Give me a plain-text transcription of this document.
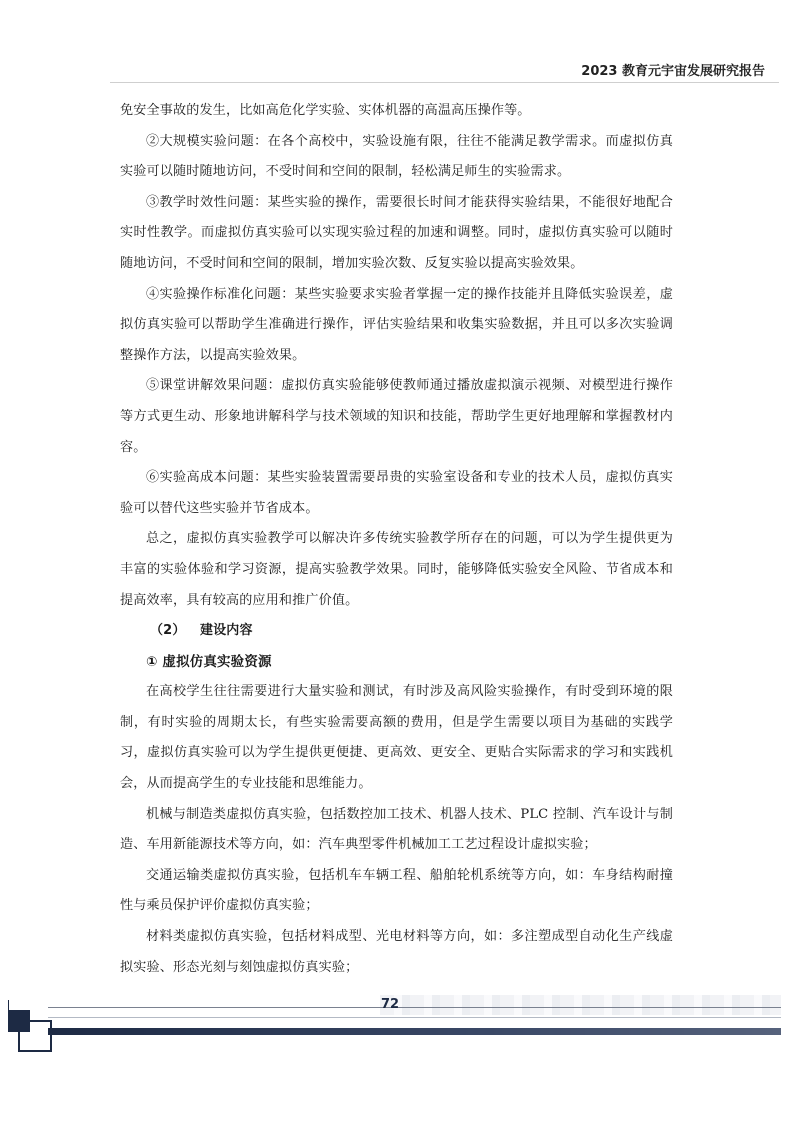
2023 教育元宇宙发展研究报告

免安全事故的发生，比如高危化学实验、实体机器的高温高压操作等。

②大规模实验问题：在各个高校中，实验设施有限，往往不能满足教学需求。而虚拟仿真实验可以随时随地访问，不受时间和空间的限制，轻松满足师生的实验需求。

③教学时效性问题：某些实验的操作，需要很长时间才能获得实验结果，不能很好地配合实时性教学。而虚拟仿真实验可以实现实验过程的加速和调整。同时，虚拟仿真实验可以随时随地访问，不受时间和空间的限制，增加实验次数、反复实验以提高实验效果。

④实验操作标准化问题：某些实验要求实验者掌握一定的操作技能并且降低实验误差，虚拟仿真实验可以帮助学生准确进行操作，评估实验结果和收集实验数据，并且可以多次实验调整操作方法，以提高实验效果。

⑤课堂讲解效果问题：虚拟仿真实验能够使教师通过播放虚拟演示视频、对模型进行操作等方式更生动、形象地讲解科学与技术领域的知识和技能，帮助学生更好地理解和掌握教材内容。

⑥实验高成本问题：某些实验装置需要昂贵的实验室设备和专业的技术人员，虚拟仿真实验可以替代这些实验并节省成本。

总之，虚拟仿真实验教学可以解决许多传统实验教学所存在的问题，可以为学生提供更为丰富的实验体验和学习资源，提高实验教学效果。同时，能够降低实验安全风险、节省成本和提高效率，具有较高的应用和推广价值。

（2） 建设内容

① 虚拟仿真实验资源

在高校学生往往需要进行大量实验和测试，有时涉及高风险实验操作，有时受到环境的限制，有时实验的周期太长，有些实验需要高额的费用，但是学生需要以项目为基础的实践学习，虚拟仿真实验可以为学生提供更便捷、更高效、更安全、更贴合实际需求的学习和实践机会，从而提高学生的专业技能和思维能力。

机械与制造类虚拟仿真实验，包括数控加工技术、机器人技术、PLC 控制、汽车设计与制造、车用新能源技术等方向，如：汽车典型零件机械加工工艺过程设计虚拟实验；

交通运输类虚拟仿真实验，包括机车车辆工程、船舶轮机系统等方向，如：车身结构耐撞性与乘员保护评价虚拟仿真实验；

材料类虚拟仿真实验，包括材料成型、光电材料等方向，如：多注塑成型自动化生产线虚拟实验、形态光刻与刻蚀虚拟仿真实验；

72
